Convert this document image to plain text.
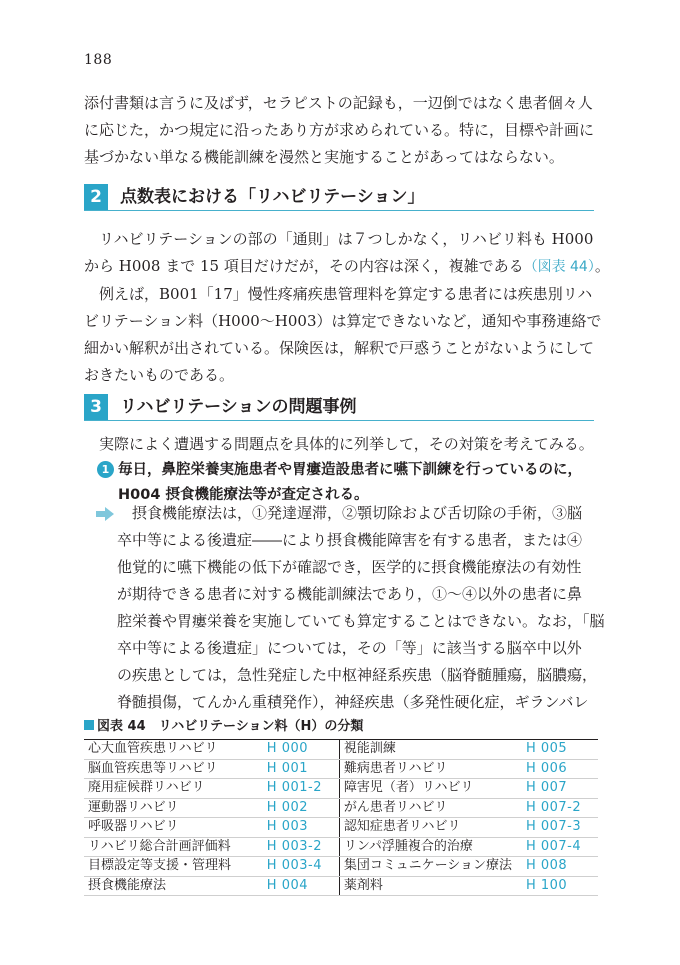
188

添付書類は言うに及ばず，セラピストの記録も，一辺倒ではなく患者個々人
に応じた，かつ規定に沿ったあり方が求められている。特に，目標や計画に
基づかない単なる機能訓練を漫然と実施することがあってはならない。

2	点数表における「リハビリテーション」

リハビリテーションの部の「通則」は７つしかなく，リハビリ料も H000
から H008 まで 15 項目だけだが，その内容は深く，複雑である（図表 44）。

例えば，B001「17」慢性疼痛疾患管理料を算定する患者には疾患別リハ
ビリテーション料（H000〜H003）は算定できないなど，通知や事務連絡で
細かい解釈が出されている。保険医は，解釈で戸惑うことがないようにして
おきたいものである。

3	リハビリテーションの問題事例

実際によく遭遇する問題点を具体的に列挙して，その対策を考えてみる。

1 毎日，鼻腔栄養実施患者や胃瘻造設患者に嚥下訓練を行っているのに，
H004 摂食機能療法等が査定される。

摂食機能療法は，①発達遅滞，②顎切除および舌切除の手術，③脳
卒中等による後遺症――により摂食機能障害を有する患者，または④
他覚的に嚥下機能の低下が確認でき，医学的に摂食機能療法の有効性
が期待できる患者に対する機能訓練法であり，①〜④以外の患者に鼻
腔栄養や胃瘻栄養を実施していても算定することはできない。なお，「脳
卒中等による後遺症」については，その「等」に該当する脳卒中以外
の疾患としては，急性発症した中枢神経系疾患（脳脊髄腫瘍，脳膿瘍，
脊髄損傷，てんかん重積発作），神経疾患（多発性硬化症，ギランバレ

図表 44　リハビリテーション料（H）の分類
心大血管疾患リハビリ	H 000	視能訓練	H 005
脳血管疾患等リハビリ	H 001	難病患者リハビリ	H 006
廃用症候群リハビリ	H 001-2	障害児（者）リハビリ	H 007
運動器リハビリ	H 002	がん患者リハビリ	H 007-2
呼吸器リハビリ	H 003	認知症患者リハビリ	H 007-3
リハビリ総合計画評価料	H 003-2	リンパ浮腫複合的治療	H 007-4
目標設定等支援・管理料	H 003-4	集団コミュニケーション療法	H 008
摂食機能療法	H 004	薬剤料	H 100
